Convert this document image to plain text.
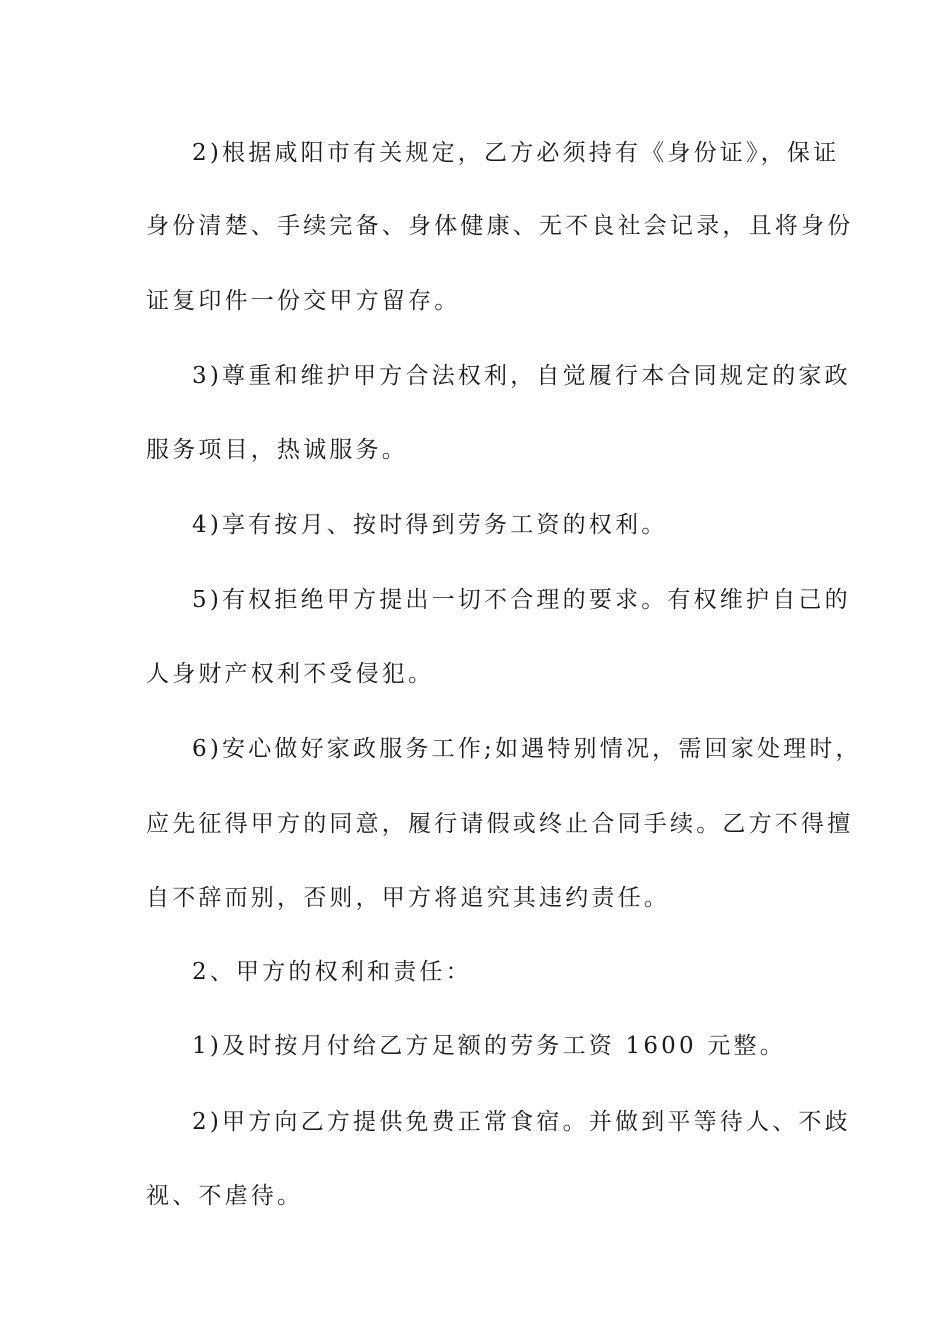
2)根据咸阳市有关规定，乙方必须持有《身份证》，保证
身份清楚、手续完备、身体健康、无不良社会记录，且将身份
证复印件一份交甲方留存。
3)尊重和维护甲方合法权利，自觉履行本合同规定的家政
服务项目，热诚服务。
4)享有按月、按时得到劳务工资的权利。
5)有权拒绝甲方提出一切不合理的要求。有权维护自己的
人身财产权利不受侵犯。
6)安心做好家政服务工作;如遇特别情况，需回家处理时，
应先征得甲方的同意，履行请假或终止合同手续。乙方不得擅
自不辞而别，否则，甲方将追究其违约责任。
2、甲方的权利和责任：
1)及时按月付给乙方足额的劳务工资 1600 元整。
2)甲方向乙方提供免费正常食宿。并做到平等待人、不歧
视、不虐待。
